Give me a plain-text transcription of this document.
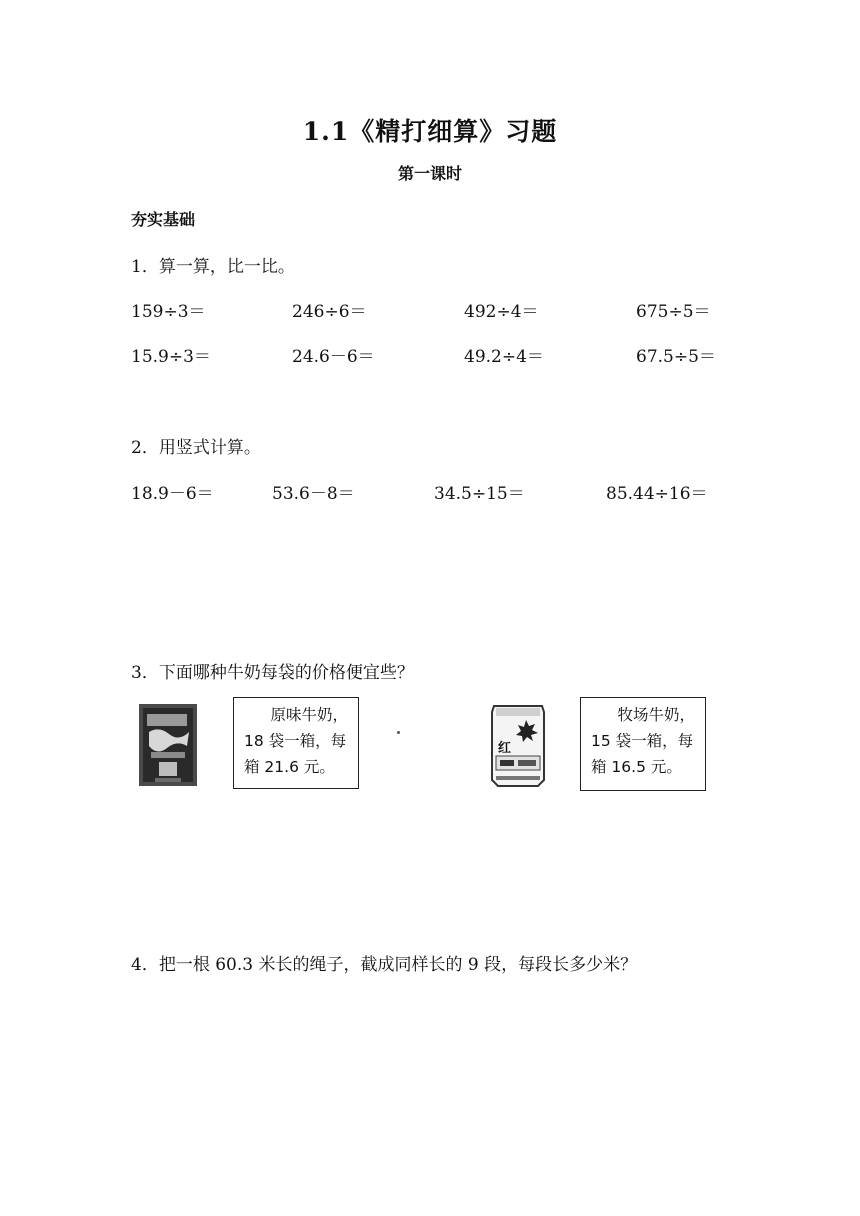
1.1《精打细算》习题
第一课时
夯实基础
1．算一算，比一比。
159÷3＝	246÷6＝	492÷4＝	675÷5＝
15.9÷3＝	24.6－6＝	49.2÷4＝	67.5÷5＝
2．用竖式计算。
18.9－6＝	53.6－8＝	34.5÷15＝	85.44÷16＝
3．下面哪种牛奶每袋的价格便宜些？
原味牛奶，
18 袋一箱，每
箱 21.6 元。
红
牧场牛奶，
15 袋一箱，每
箱 16.5 元。
4．把一根 60.3 米长的绳子，截成同样长的 9 段，每段长多少米？
